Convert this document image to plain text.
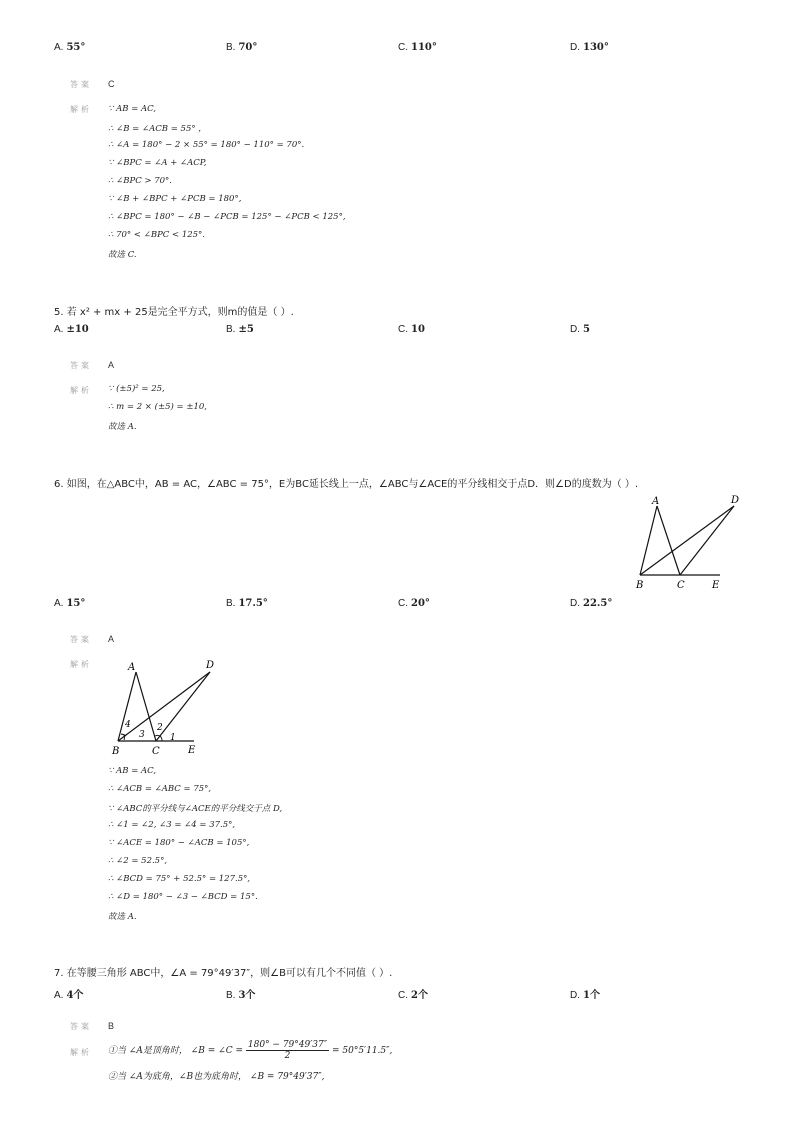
A. 55°	B. 70°	C. 110°	D. 130°
答案 C
解析 ∵ AB = AC,
∴ ∠B = ∠ACB = 55° ，
∴ ∠A = 180° − 2 × 55° = 180° − 110° = 70°.
∵ ∠BPC = ∠A + ∠ACP,
∴ ∠BPC > 70°.
∵ ∠B + ∠BPC + ∠PCB = 180°,
∴ ∠BPC = 180° − ∠B − ∠PCB = 125° − ∠PCB < 125°,
∴ 70° < ∠BPC < 125°.
故选 C.
5. 若 x² + mx + 25是完全平方式，则m的值是（ ）.
A. ±10	B. ±5	C. 10	D. 5
答案 A
解析 ∵ (±5)² = 25,
∴ m = 2 × (±5) = ±10,
故选 A.
6. 如图，在△ABC中，AB = AC，∠ABC = 75°，E为BC延长线上一点，∠ABC与∠ACE的平分线相交于点D．则∠D的度数为（ ）.
A	D
B	C	E
A. 15°	B. 17.5°	C. 20°	D. 22.5°
答案 A
解析	A	D
B	C	E
4
3
2
1
∵ AB = AC,
∴ ∠ACB = ∠ABC = 75°,
∵ ∠ABC的平分线与∠ACE的平分线交于点 D,
∴ ∠1 = ∠2, ∠3 = ∠4 = 37.5°,
∵ ∠ACE = 180° − ∠ACB = 105°,
∴ ∠2 = 52.5°,
∴ ∠BCD = 75° + 52.5° = 127.5°,
∴ ∠D = 180° − ∠3 − ∠BCD = 15°.
故选 A.
7. 在等腰三角形 ABC中，∠A = 79°49′37″，则∠B可以有几个不同值（ ）.
A. 4个	B. 3个	C. 2个	D. 1个
答案 B
解析 ①当 ∠A是顶角时， ∠B = ∠C = $\frac{180^\circ - 79^\circ 49'37''}{2} = 50^\circ 5'11.5''$,
②当 ∠A为底角，∠B也为底角时， ∠B = 79°49′37″,
